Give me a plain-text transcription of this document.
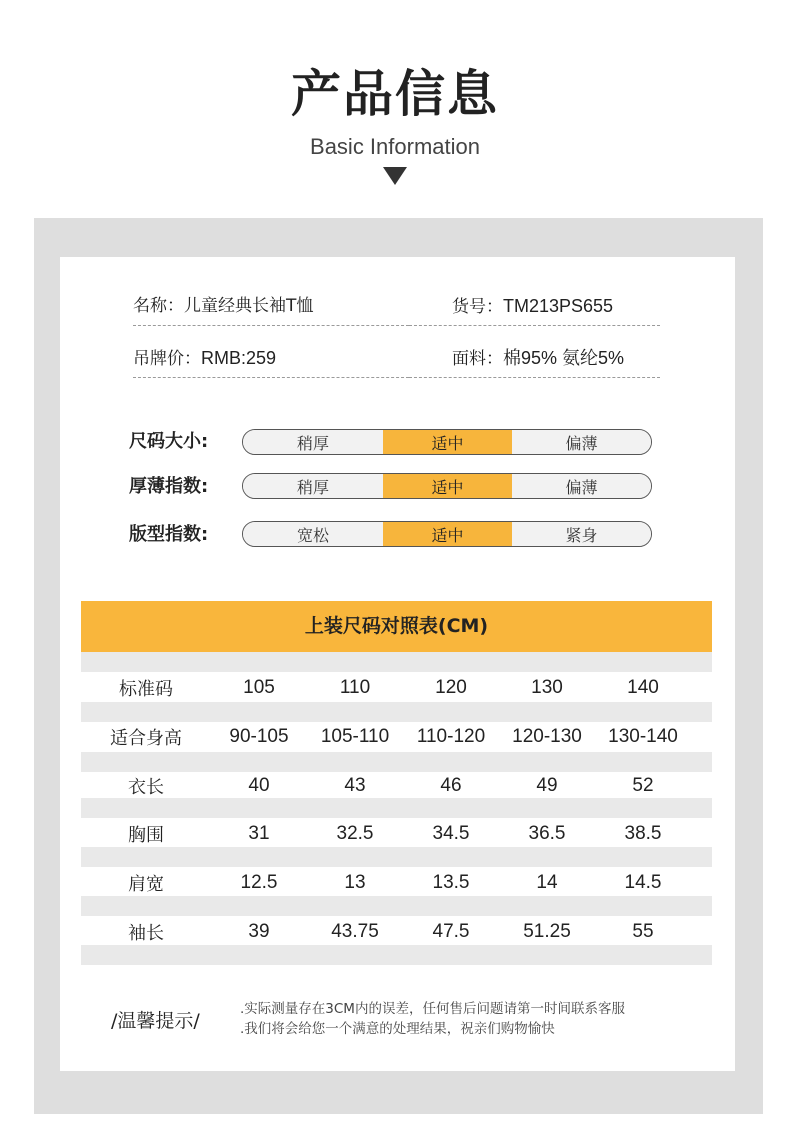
产品信息
Basic Information
名称：儿童经典长袖T恤	货号：TM213PS655
吊牌价：RMB:259	面料：棉95% 氨纶5%
尺码大小:	稍厚	适中	偏薄
厚薄指数:	稍厚	适中	偏薄
版型指数:	宽松	适中	紧身
上装尺码对照表(CM)
标准码	105	110	120	130	140
适合身高	90-105	105-110	110-120	120-130	130-140
衣长	40	43	46	49	52
胸围	31	32.5	34.5	36.5	38.5
肩宽	12.5	13	13.5	14	14.5
袖长	39	43.75	47.5	51.25	55
/温馨提示/
.实际测量存在3CM内的误差，任何售后问题请第一时间联系客服
.我们将会给您一个满意的处理结果，祝亲们购物愉快
